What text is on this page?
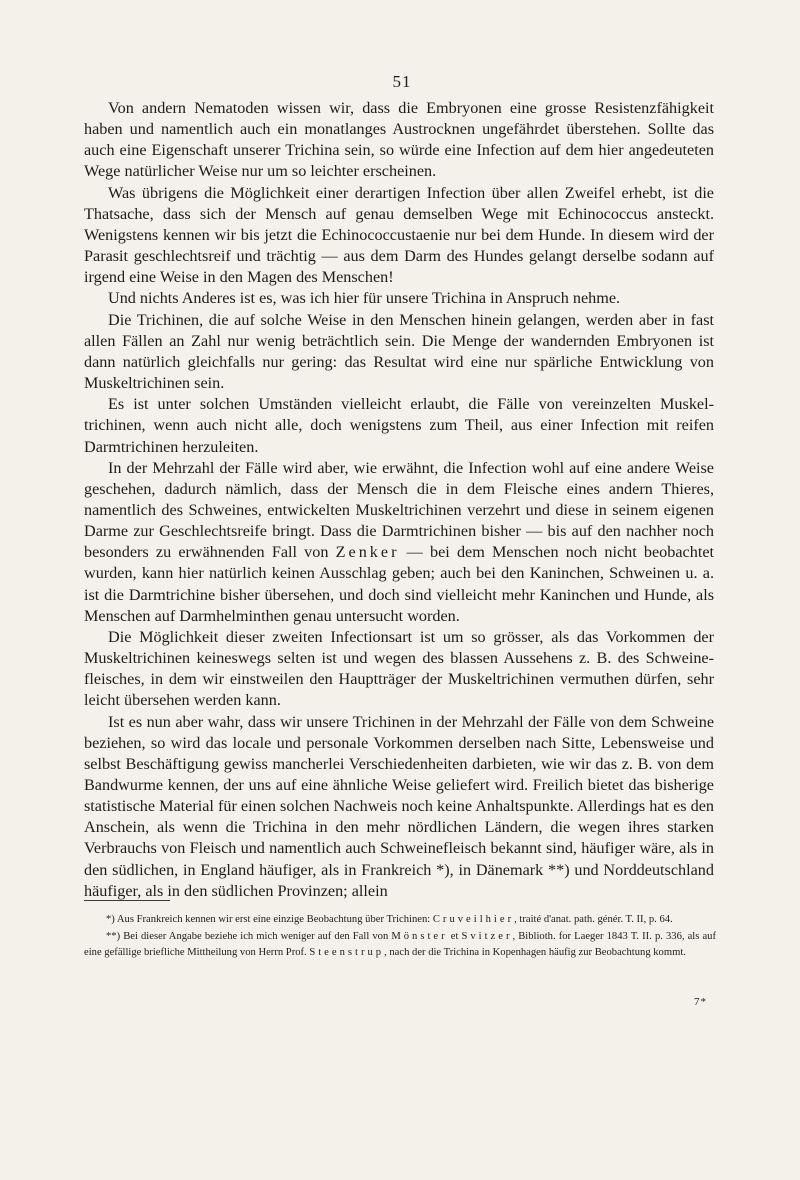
51

Von andern Nematoden wissen wir, dass die Embryonen eine grosse Resistenzfähigkeit haben und namentlich auch ein monatlanges Austrocknen ungefährdet überstehen. Sollte das auch eine Eigenschaft unserer Trichina sein, so würde eine Infection auf dem hier angedeuteten Wege natürlicher Weise nur um so leichter erscheinen.

Was übrigens die Möglichkeit einer derartigen Infection über allen Zweifel erhebt, ist die Thatsache, dass sich der Mensch auf genau demselben Wege mit Echinococcus ansteckt. Wenigstens kennen wir bis jetzt die Echinococcustaenie nur bei dem Hunde. In diesem wird der Parasit geschlechtsreif und trächtig — aus dem Darm des Hundes gelangt derselbe sodann auf irgend eine Weise in den Magen des Menschen!

Und nichts Anderes ist es, was ich hier für unsere Trichina in Anspruch nehme.

Die Trichinen, die auf solche Weise in den Menschen hinein gelangen, werden aber in fast allen Fällen an Zahl nur wenig beträchtlich sein. Die Menge der wandernden Embryonen ist dann natürlich gleichfalls nur gering: das Resultat wird eine nur spärliche Entwicklung von Muskeltrichinen sein.

Es ist unter solchen Umständen vielleicht erlaubt, die Fälle von vereinzelten Muskeltrichinen, wenn auch nicht alle, doch wenigstens zum Theil, aus einer Infection mit reifen Darmtrichinen herzuleiten.

In der Mehrzahl der Fälle wird aber, wie erwähnt, die Infection wohl auf eine andere Weise geschehen, dadurch nämlich, dass der Mensch die in dem Fleische eines andern Thieres, namentlich des Schweines, entwickelten Muskeltrichinen verzehrt und diese in seinem eigenen Darme zur Geschlechtsreife bringt. Dass die Darmtrichinen bisher — bis auf den nachher noch besonders zu erwähnenden Fall von Zenker — bei dem Menschen noch nicht beobachtet wurden, kann hier natürlich keinen Ausschlag geben; auch bei den Kaninchen, Schweinen u. a. ist die Darmtrichine bisher übersehen, und doch sind vielleicht mehr Kaninchen und Hunde, als Menschen auf Darmhelminthen genau untersucht worden.

Die Möglichkeit dieser zweiten Infectionsart ist um so grösser, als das Vorkommen der Muskeltrichinen keineswegs selten ist und wegen des blassen Aussehens z. B. des Schweinefleisches, in dem wir einstweilen den Hauptträger der Muskeltrichinen vermuthen dürfen, sehr leicht übersehen werden kann.

Ist es nun aber wahr, dass wir unsere Trichinen in der Mehrzahl der Fälle von dem Schweine beziehen, so wird das locale und personale Vorkommen derselben nach Sitte, Lebensweise und selbst Beschäftigung gewiss mancherlei Verschiedenheiten darbieten, wie wir das z. B. von dem Bandwurme kennen, der uns auf eine ähnliche Weise geliefert wird. Freilich bietet das bisherige statistische Material für einen solchen Nachweis noch keine Anhaltspunkte. Allerdings hat es den Anschein, als wenn die Trichina in den mehr nördlichen Ländern, die wegen ihres starken Verbrauchs von Fleisch und namentlich auch Schweinefleisch bekannt sind, häufiger wäre, als in den südlichen, in England häufiger, als in Frankreich *), in Dänemark **) und Norddeutschland häufiger, als in den südlichen Provinzen; allein

*) Aus Frankreich kennen wir erst eine einzige Beobachtung über Trichinen: Cruveilhier, traité d'anat. path. génér. T. II, p. 64.

**) Bei dieser Angabe beziehe ich mich weniger auf den Fall von Mönster et Svitzer, Biblioth. for Laeger 1843 T. II. p. 336, als auf eine gefällige briefliche Mittheilung von Herrn Prof. Steenstrup, nach der die Trichina in Kopenhagen häufig zur Beobachtung kommt.

7*
